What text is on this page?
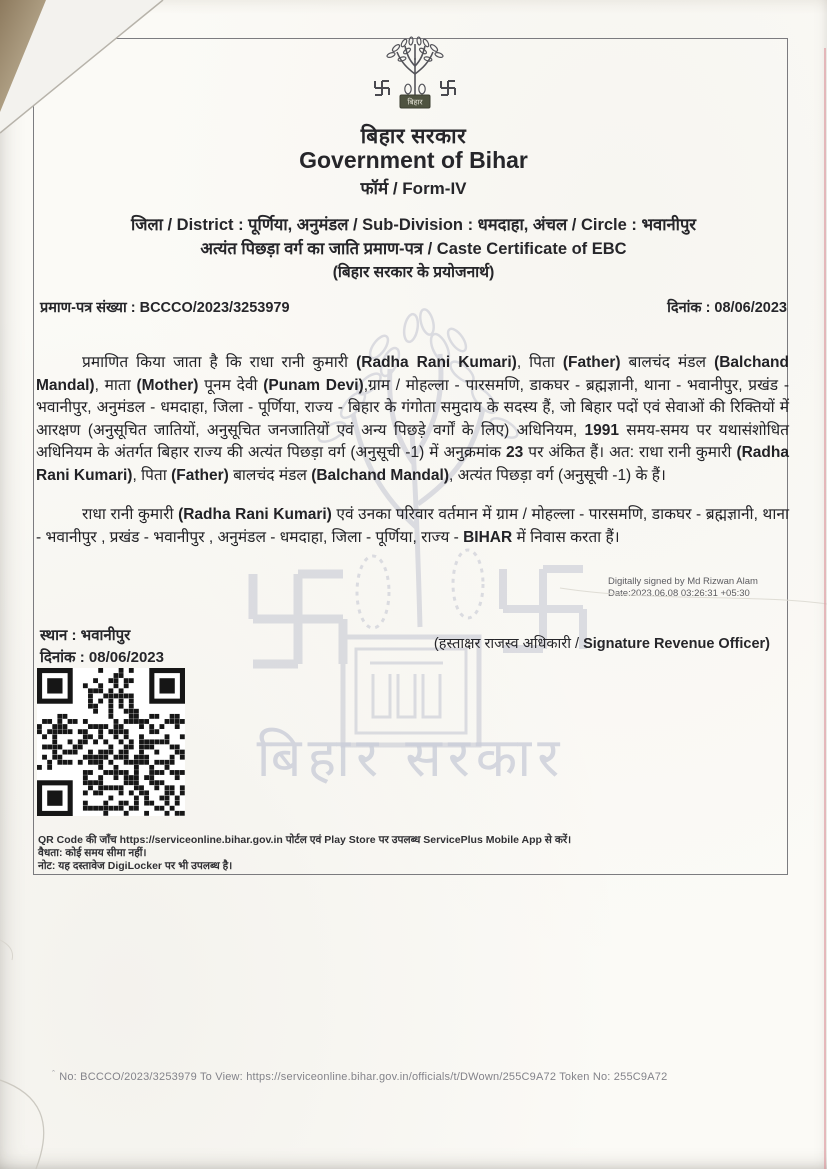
बिहार सरकार
बिहार
बिहार सरकार
Government of Bihar
फॉर्म / Form-IV
जिला / District : पूर्णिया, अनुमंडल / Sub-Division : धमदाहा, अंचल / Circle : भवानीपुर
अत्यंत पिछड़ा वर्ग का जाति प्रमाण-पत्र / Caste Certificate of EBC
(बिहार सरकार के प्रयोजनार्थ)
प्रमाण-पत्र संख्या : BCCCO/2023/3253979	दिनांक : 08/06/2023
प्रमाणित किया जाता है कि राधा रानी कुमारी (Radha Rani Kumari), पिता (Father) बालचंद मंडल (Balchand Mandal), माता (Mother) पूनम देवी (Punam Devi),ग्राम / मोहल्ला - पारसमणि, डाकघर - ब्रह्मज्ञानी, थाना - भवानीपुर, प्रखंड - भवानीपुर, अनुमंडल - धमदाहा, जिला - पूर्णिया, राज्य - बिहार के गंगोता समुदाय के सदस्य हैं, जो बिहार पदों एवं सेवाओं की रिक्तियों में आरक्षण (अनुसूचित जातियों, अनुसूचित जनजातियों एवं अन्य पिछड़े वर्गों के लिए) अधिनियम, 1991 समय-समय पर यथासंशोधित अधिनियम के अंतर्गत बिहार राज्य की अत्यंत पिछड़ा वर्ग (अनुसूची -1) में अनुक्रमांक 23 पर अंकित हैं। अत: राधा रानी कुमारी (Radha Rani Kumari), पिता (Father) बालचंद मंडल (Balchand Mandal), अत्यंत पिछड़ा वर्ग (अनुसूची -1) के हैं।
राधा रानी कुमारी (Radha Rani Kumari) एवं उनका परिवार वर्तमान में ग्राम / मोहल्ला - पारसमणि, डाकघर - ब्रह्मज्ञानी, थाना - भवानीपुर , प्रखंड - भवानीपुर , अनुमंडल - धमदाहा, जिला - पूर्णिया, राज्य - BIHAR में निवास करता हैं।
Digitally signed by Md Rizwan Alam
Date:2023.06.08 03:26:31 +05:30
स्थान : भवानीपुर
दिनांक : 08/06/2023
(हस्ताक्षर राजस्व अधिकारी / Signature Revenue Officer)
QR Code की जाँच https://serviceonline.bihar.gov.in पोर्टल एवं Play Store पर उपलब्ध ServicePlus Mobile App से करें।
वैधता: कोई समय सीमा नहीं।
नोट: यह दस्तावेज DigiLocker पर भी उपलब्ध है।
ˆ No: BCCCO/2023/3253979 To View: https://serviceonline.bihar.gov.in/officials/t/DWown/255C9A72 Token No: 255C9A72
